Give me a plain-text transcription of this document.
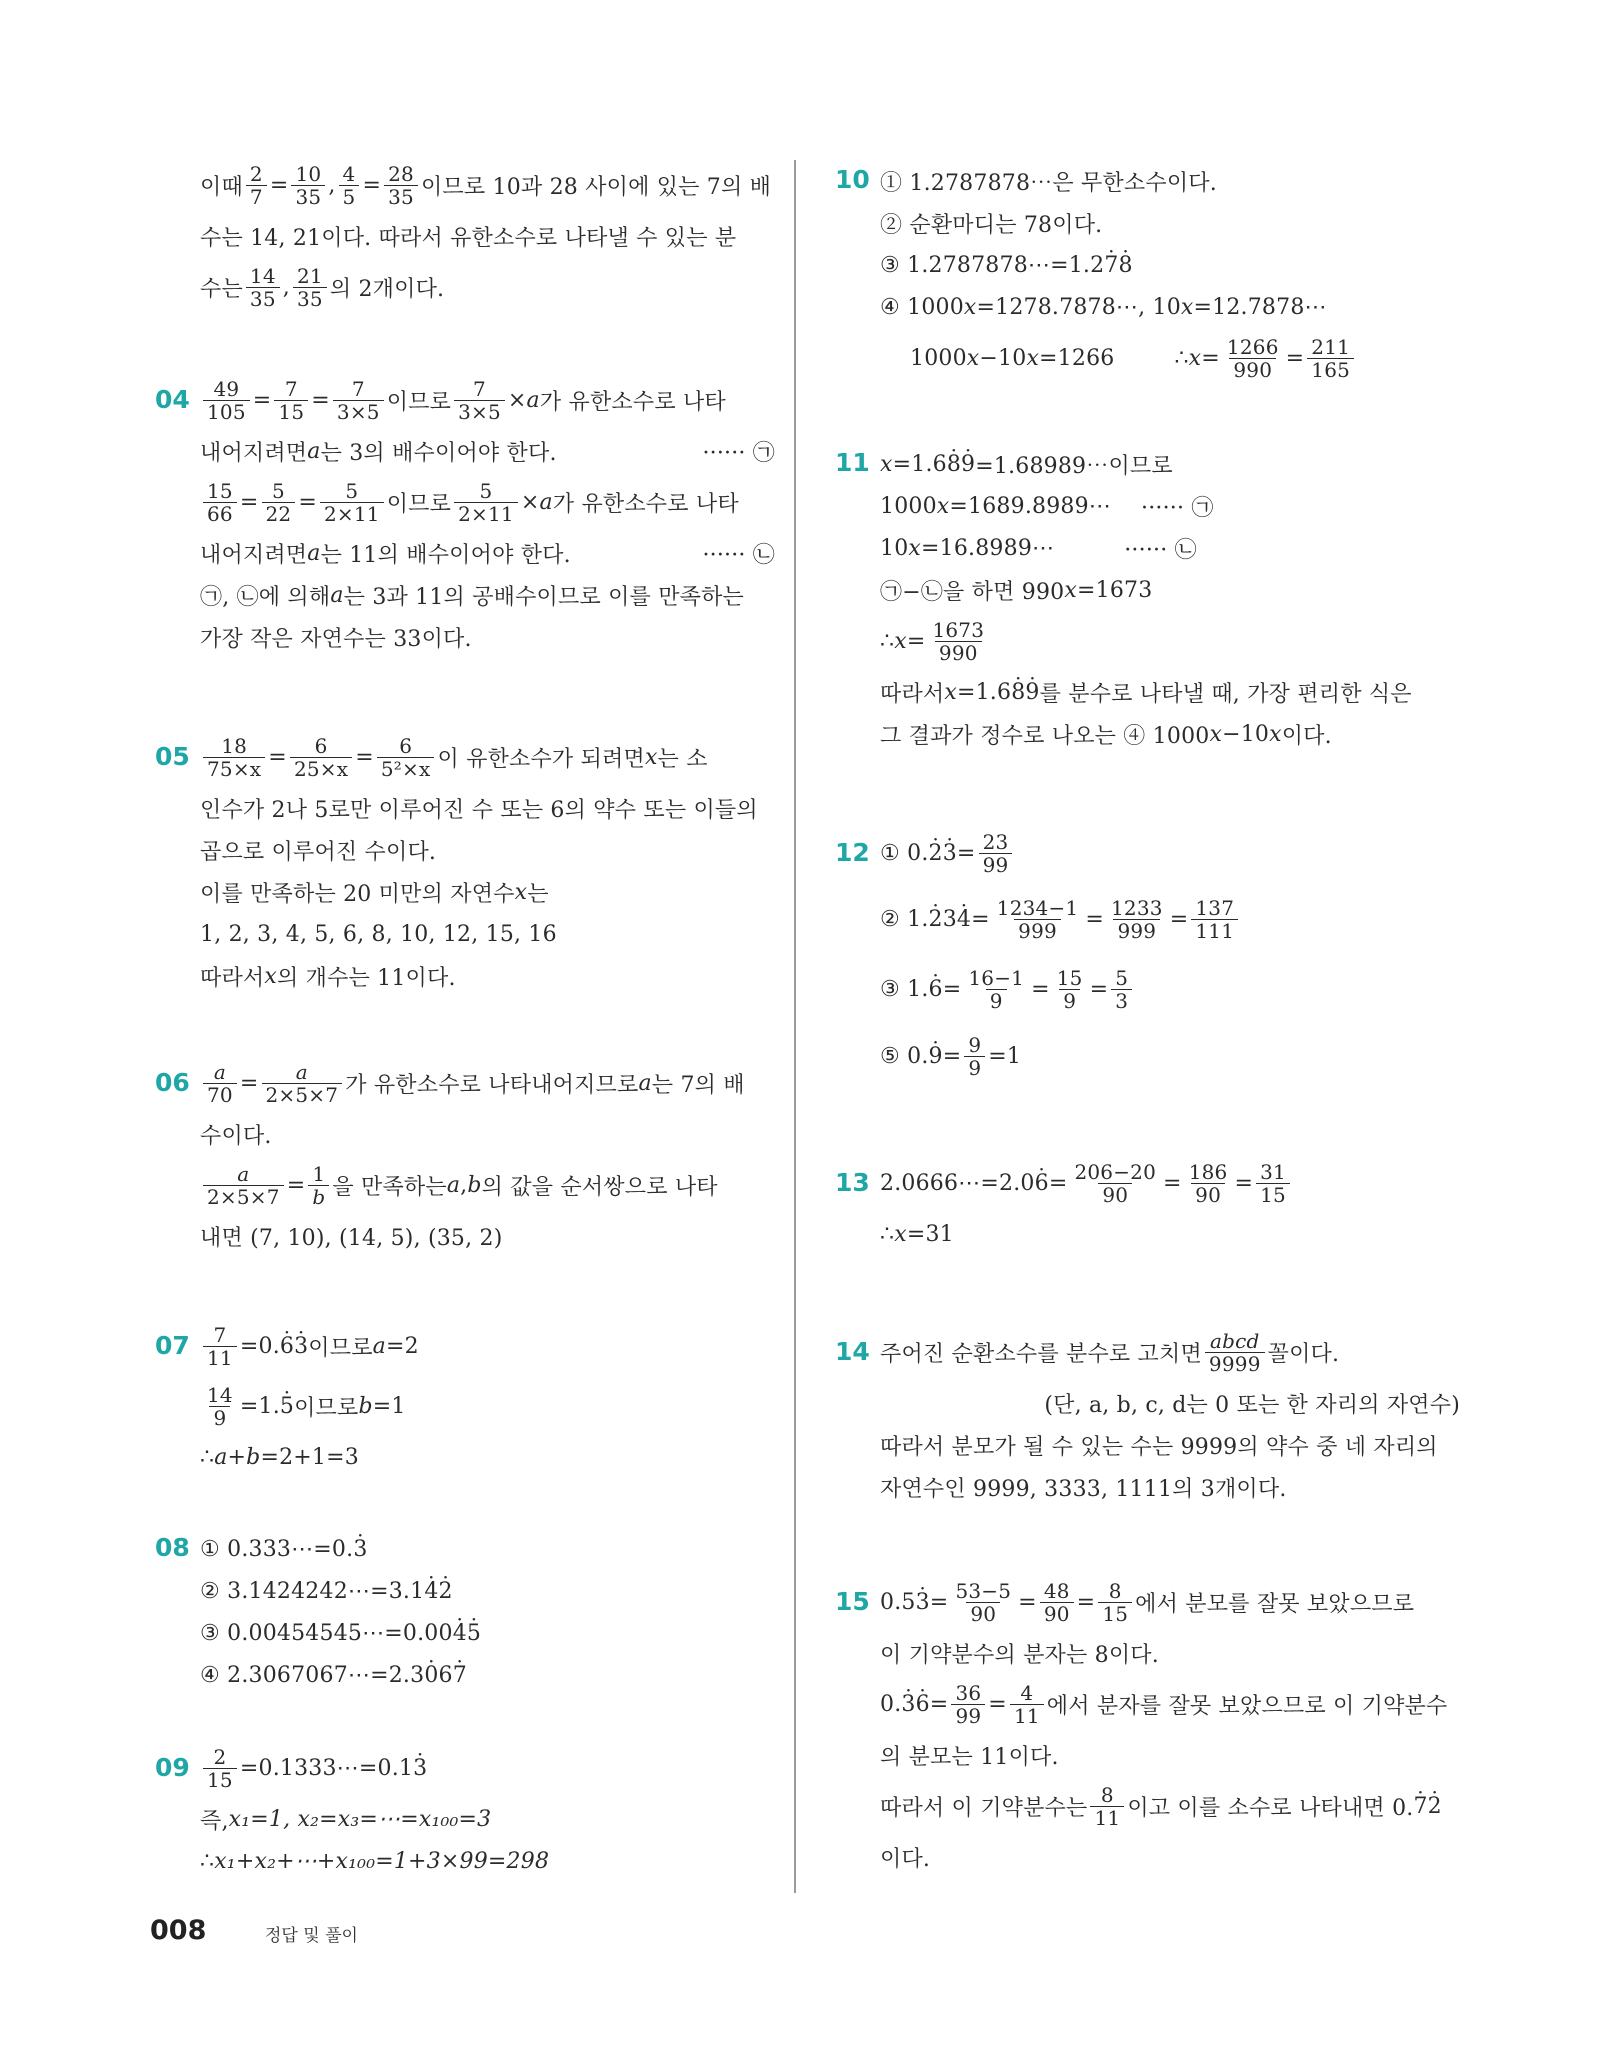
이때 $\frac{2}{7} = \frac{10}{35}$ , $\frac{4}{5} = \frac{28}{35}$ 이므로 10과 28 사이에 있는 7의 배
수는 14, 21이다. 따라서 유한소수로 나타낼 수 있는 분
수는 $\frac{14}{35}$ , $\frac{21}{35}$ 의 2개이다.
$04 \frac{49}{105} = \frac{7}{15} = \frac{7}{3\times 5}$ 이므로 $\frac{7}{3\times 5} \times a$ 가 유한소수로 나타
내어지려면 a 는 3의 배수이어야 한다.	······ ㉠
$\frac{15}{66} = \frac{5}{22} = \frac{5}{2\times 11}$ 이므로 $\frac{5}{2\times 11} \times a$ 가 유한소수로 나타
내어지려면 a 는 11의 배수이어야 한다.	······ ㉡
㉠, ㉡에 의해 a 는 3과 11의 공배수이므로 이를 만족하는
가장 작은 자연수는 33이다.
$05 \frac{18}{75\times x} = \frac{6}{25\times x} = \frac{6}{\text{5²×x}}$ 이 유한소수가 되려면 x 는 소
인수가 2나 5로만 이루어진 수 또는 6의 약수 또는 이들의
곱으로 이루어진 수이다.
이를 만족하는 20 미만의 자연수 x 는
1, 2, 3, 4, 5, 6, 8, 10, 12, 15, 16
따라서 x 의 개수는 11이다.
$06 \frac{a}{70} = \frac{a}{2\times 5\times 7}$ 가 유한소수로 나타내어지므로 a 는 7의 배
수이다.
$\frac{a}{2\times 5\times 7} = \frac{1}{b}$ 을 만족하는 a , b 의 값을 순서쌍으로 나타
내면 (7, 10), (14, 5), (35, 2)
$07 \frac{7}{11} =0$.
· 6
· 3 이므로 a =2
$\frac{14}{9} =1$.
· 5 이므로 b =1
∴ a + b =2+1=3
08 ① 0.333⋯=0.
· 3
② 3.1424242⋯=3.1
· 4
· 2
③ 0.00454545⋯=0.00
· 4
· 5
④ 2.3067067⋯=2.3
· 0 6
· 7
$09 \frac{2}{15}$ =0.1333⋯=0.1
· 3
즉, x₁=1, x₂=x₃=⋯=x₁₀₀=3
∴ x₁+x₂+⋯+x₁₀₀=1+3×99=298
10 ① 1.2787878⋯은 무한소수이다.
② 순환마디는 78이다.
③ 1.2787878⋯=1.2
· 7
· 8
④ 1000 x =1278.7878⋯, 10 x =12.7878⋯
1000 x −10 x =1266	∴ $x = \frac{1266}{990} = \frac{211}{165}$
11 x =1.6
· 8
· 9 =1.68989⋯이므로
1000 x =1689.8989⋯ ······ ㉠
10 x =16.8989⋯	······ ㉡
㉠−㉡을 하면 990 x =1673
∴ $x = \frac{1673}{990}$
따라서 x =1.6
· 8
· 9 를 분수로 나타낼 때, 가장 편리한 식은
그 결과가 정수로 나오는 ④ 1000 x −10 x 이다.
12 ① 0.
· 2
· $3 = \frac{23}{99}$
② 1.
· 2 3
· $4 = \frac{1234-1}{999} = \frac{1233}{999} = \frac{137}{111}$
③ 1.
· $6 = \frac{16-1}{9} = \frac{15}{9} = \frac{5}{3}$
⑤ 0.
· $9 = \frac{9}{9} =1$
13 2.0666⋯=2.0
· $6 = \frac{206-20}{90} = \frac{186}{90} = \frac{31}{15}$
∴ x =31
14 주어진 순환소수를 분수로 고치면 $\frac{\text{abcd}}{9999}$ 꼴이다.
(단, a, b, c, d는 0 또는 한 자리의 자연수)
따라서 분모가 될 수 있는 수는 9999의 약수 중 네 자리의
자연수인 9999, 3333, 1111의 3개이다.
15 0.5
· $3 = \frac{53-5}{90} = \frac{48}{90} = \frac{8}{15}$ 에서 분모를 잘못 보았으므로
이 기약분수의 분자는 8이다.
0.
· 3
· $6 = \frac{36}{99} = \frac{4}{11}$ 에서 분자를 잘못 보았으므로 이 기약분수
의 분모는 11이다.
따라서 이 기약분수는 $\frac{8}{11}$ 이고 이를 소수로 나타내면 0.
· 7
· 2
이다.
008	정답 및 풀이
